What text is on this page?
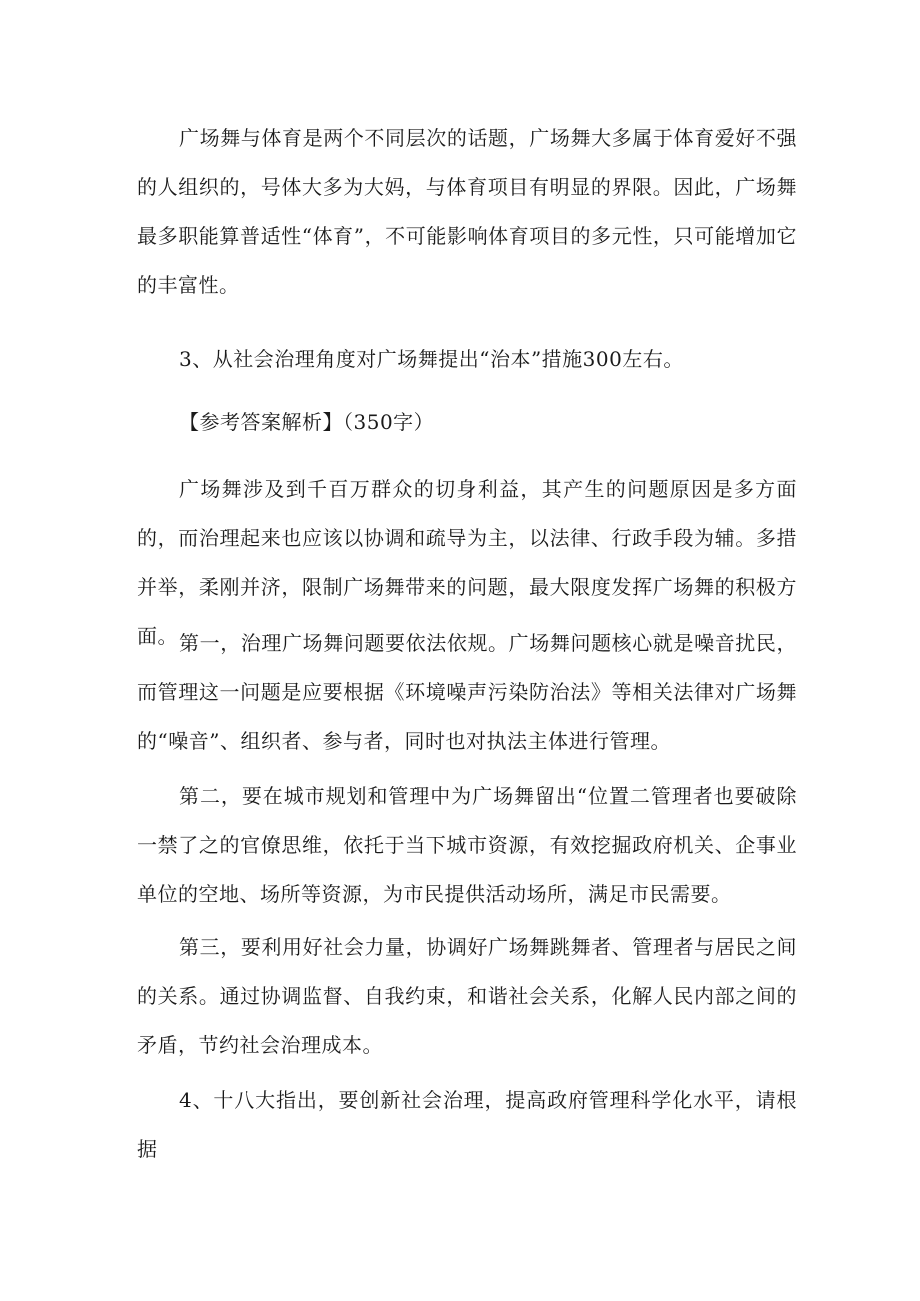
广场舞与体育是两个不同层次的话题，广场舞大多属于体育爱好不强的人组织的，号体大多为大妈，与体育项目有明显的界限。因此，广场舞最多职能算普适性“体育”，不可能影响体育项目的多元性，只可能增加它的丰富性。

3、从社会治理角度对广场舞提出“治本”措施300左右。

【参考答案解析】（350字）

广场舞涉及到千百万群众的切身利益，其产生的问题原因是多方面的，而治理起来也应该以协调和疏导为主，以法律、行政手段为辅。多措并举，柔刚并济，限制广场舞带来的问题，最大限度发挥广场舞的积极方面。 第一，治理广场舞问题要依法依规。广场舞问题核心就是噪音扰民，而管理这一问题是应要根据《环境噪声污染防治法》等相关法律对广场舞的“噪音”、组织者、参与者，同时也对执法主体进行管理。

第二，要在城市规划和管理中为广场舞留出“位置二管理者也要破除一禁了之的官僚思维，依托于当下城市资源，有效挖掘政府机关、企事业单位的空地、场所等资源，为市民提供活动场所，满足市民需要。

第三，要利用好社会力量，协调好广场舞跳舞者、管理者与居民之间的关系。通过协调监督、自我约束，和谐社会关系，化解人民内部之间的矛盾，节约社会治理成本。

4、十八大指出，要创新社会治理，提高政府管理科学化水平，请根据
